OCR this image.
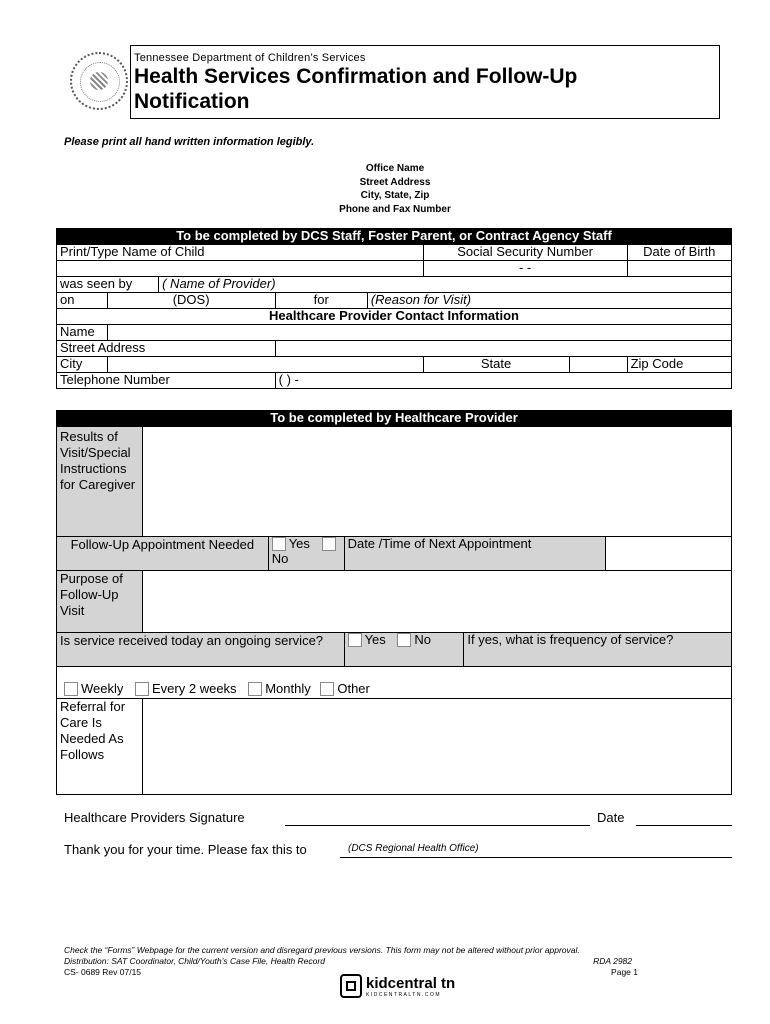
Tennessee Department of Children’s Services
Health Services Confirmation and Follow-Up Notification
Please print all hand written information legibly.
Office Name
Street Address
City, State, Zip
Phone and Fax Number
To be completed by DCS Staff, Foster Parent, or Contract Agency Staff							
Print/Type Name of Child					Social Security Number		Date of Birth
					- -		
was seen by		( Name of Provider)					
on	(DOS)		for	(Reason for Visit)			
Healthcare Provider Contact Information							
Name							
Street Address							
City					State		Zip Code
Telephone Number			( ) -				
To be completed by Healthcare Provider					
Results of Visit/Special Instructions for Caregiver					
Follow-Up Appointment Needed		Yes No	Date /Time of Next Appointment		
Purpose of Follow-Up Visit					
Is service received today an ongoing service?			Yes No	If yes, what is frequency of service?	
Weekly Every 2 weeks Monthly Other					
Referral for Care Is Needed As Follows					
Healthcare Providers Signature	Date
Thank you for your time. Please fax this to	(DCS Regional Health Office)
Check the “Forms” Webpage for the current version and disregard previous versions. This form may not be altered without prior approval.
Distribution: SAT Coordinator, Child/Youth’s Case File, Health Record	RDA 2982
CS- 0689 Rev 07/15	Page 1
kidcentral tn
KIDCENTRALTN.COM
